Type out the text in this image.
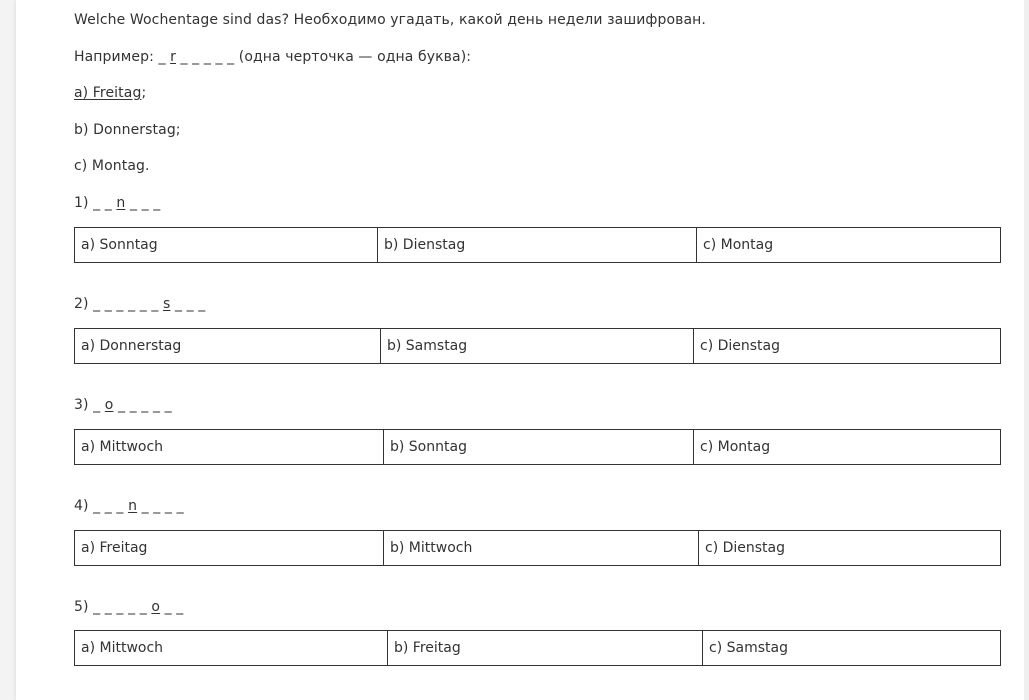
Welche Wochentage sind das? Необходимо угадать, какой день недели зашифрован.
Например: _ r _ _ _ _ _ (одна черточка — одна буква):
a) Freitag;
b) Donnerstag;
c) Montag.
1) _ _ n _ _ _
a) Sonntag	b) Dienstag	c) Montag
2) _ _ _ _ _ _ s _ _ _
a) Donnerstag	b) Samstag	c) Dienstag
3) _ o _ _ _ _ _
a) Mittwoch	b) Sonntag	c) Montag
4) _ _ _ n _ _ _ _
a) Freitag	b) Mittwoch	c) Dienstag
5) _ _ _ _ _ o _ _
a) Mittwoch	b) Freitag	c) Samstag
